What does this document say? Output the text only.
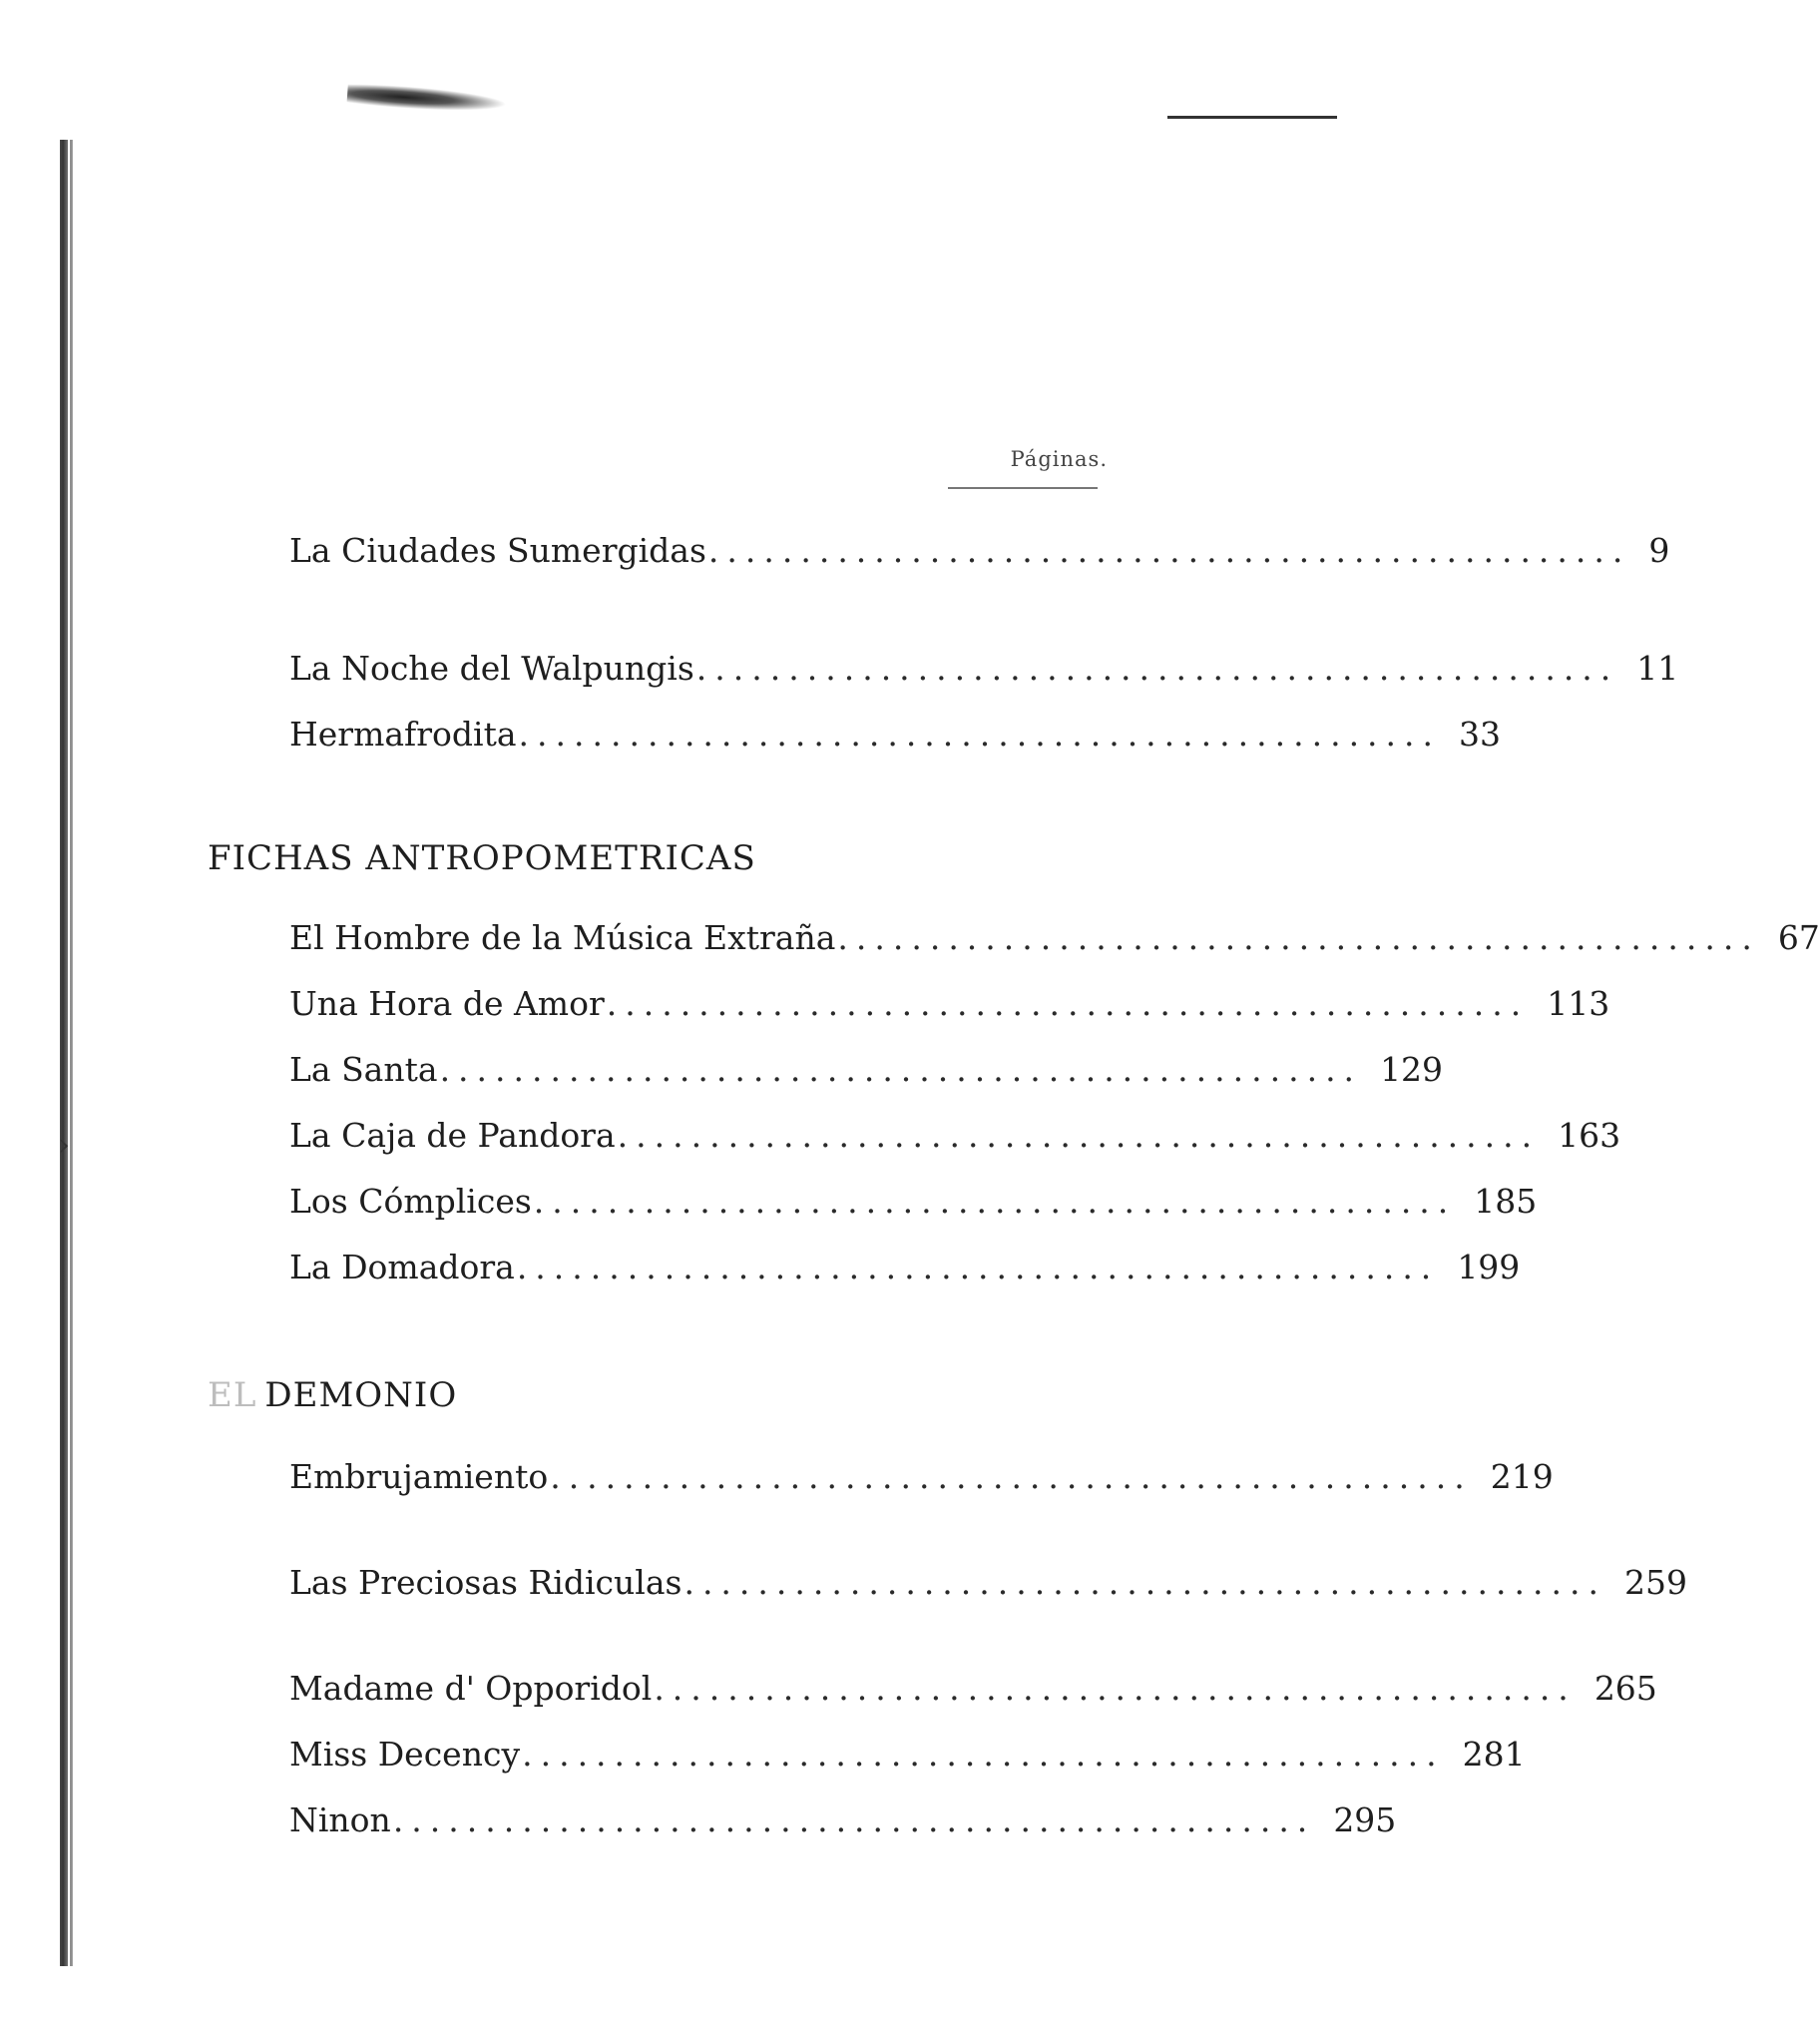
›
Páginas.
La Ciudades Sumergidas .................................................. 9
La Noche del Walpungis .................................................. 11
Hermafrodita .................................................. 33
FICHAS ANTROPOMETRICAS
El Hombre de la Música Extraña .................................................. 67
Una Hora de Amor .................................................. 113
La Santa .................................................. 129
La Caja de Pandora .................................................. 163
Los Cómplices .................................................. 185
La Domadora .................................................. 199
EL DEMONIO
Embrujamiento .................................................. 219
Las Preciosas Ridiculas .................................................. 259
Madame d' Opporidol .................................................. 265
Miss Decency .................................................. 281
Ninon .................................................. 295
